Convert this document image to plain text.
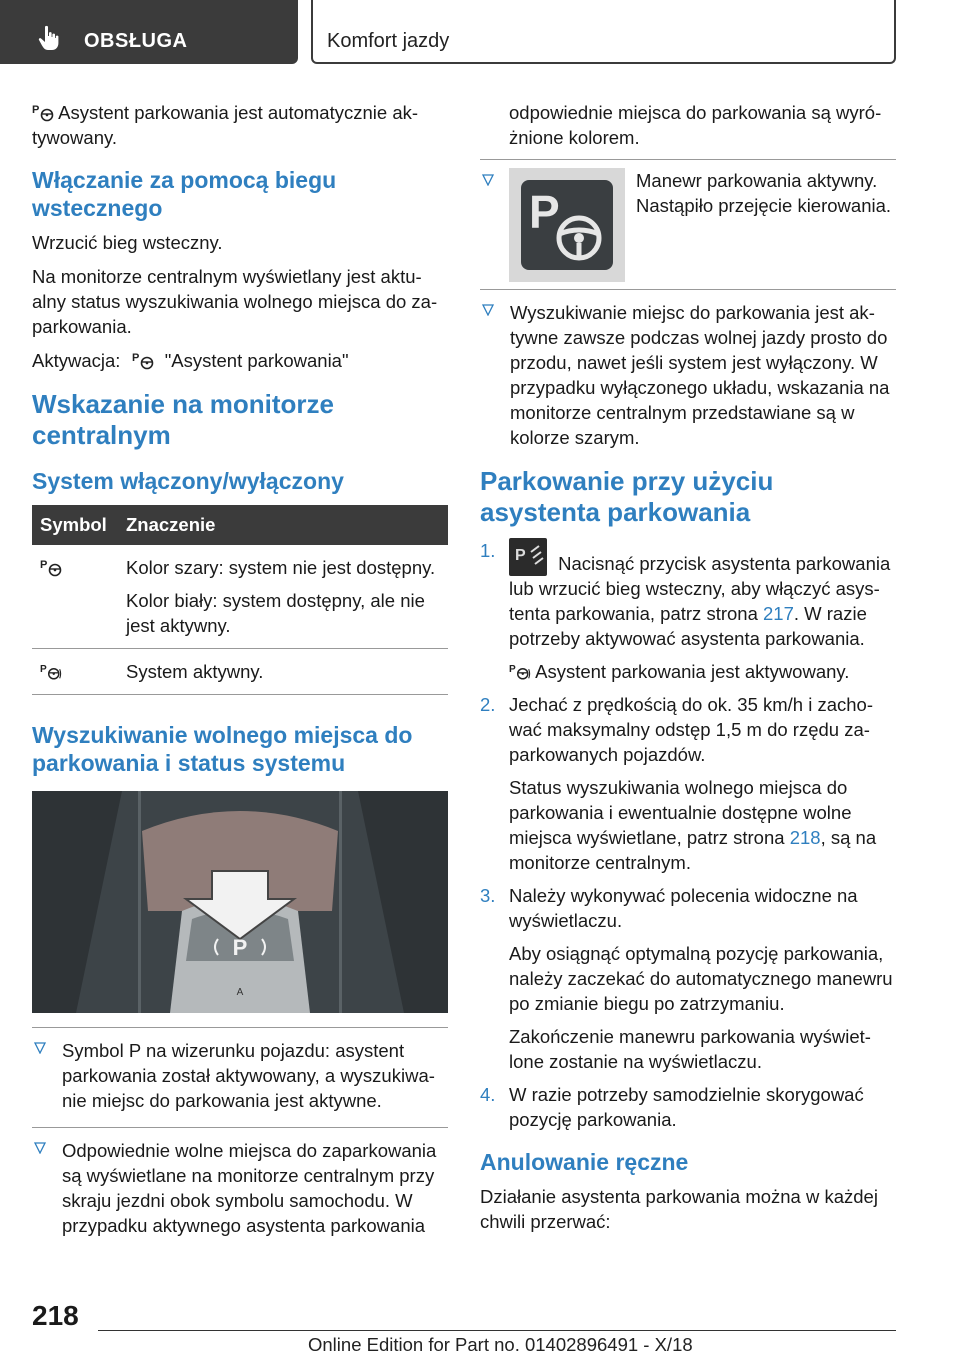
OBSŁUGA	Komfort jazdy

P Asystent parkowania jest automatycznie aktywowany.

Włączanie za pomocą biegu wstecznego

Wrzucić bieg wsteczny.

Na monitorze centralnym wyświetlany jest aktualny status wyszukiwania wolnego miejsca do zaparkowania.

Aktywacja: P "Asystent parkowania"

Wskazanie na monitorze centralnym
System włączony/wyłączony
Symbol	Znaczenie

P	Kolor szary: system nie jest dostępny.

Kolor biały: system dostępny, ale nie jest aktywny.

P	System aktywny.
Wyszukiwanie wolnego miejsca do parkowania i status systemu
P
A
Symbol P na wizerunku pojazdu: asystent parkowania został aktywowany, a wyszukiwanie miejsc do parkowania jest aktywne.
Odpowiednie wolne miejsca do zaparkowania są wyświetlane na monitorze centralnym przy skraju jezdni obok symbolu samochodu. W przypadku aktywnego asystenta parkowania

odpowiednie miejsca do parkowania są wyróżnione kolorem.

P
Manewr parkowania aktywny. Nastąpiło przejęcie kierowania.
Wyszukiwanie miejsc do parkowania jest aktywne zawsze podczas wolnej jazdy prosto do przodu, nawet jeśli system jest wyłączony. W przypadku wyłączonego układu, wskazania na monitorze centralnym przedstawiane są w kolorze szarym.
Parkowanie przy użyciu asystenta parkowania
1. P Nacisnąć przycisk asystenta parkowania lub wrzucić bieg wsteczny, aby włączyć asystenta parkowania, patrz strona 217. W razie potrzeby aktywować asystenta parkowania.

P Asystent parkowania jest aktywowany.

2. Jechać z prędkością do ok. 35 km/h i zachować maksymalny odstęp 1,5 m do rzędu zaparkowanych pojazdów.

Status wyszukiwania wolnego miejsca do parkowania i ewentualnie dostępne wolne miejsca wyświetlane, patrz strona 218, są na monitorze centralnym.

3. Należy wykonywać polecenia widoczne na wyświetlaczu.

Aby osiągnąć optymalną pozycję parkowania, należy zaczekać do automatycznego manewru po zmianie biegu po zatrzymaniu.

Zakończenie manewru parkowania wyświetlone zostanie na wyświetlaczu.

4. W razie potrzeby samodzielnie skorygować pozycję parkowania.

Anulowanie ręczne

Działanie asystenta parkowania można w każdej chwili przerwać:

218
Online Edition for Part no. 01402896491 - X/18
